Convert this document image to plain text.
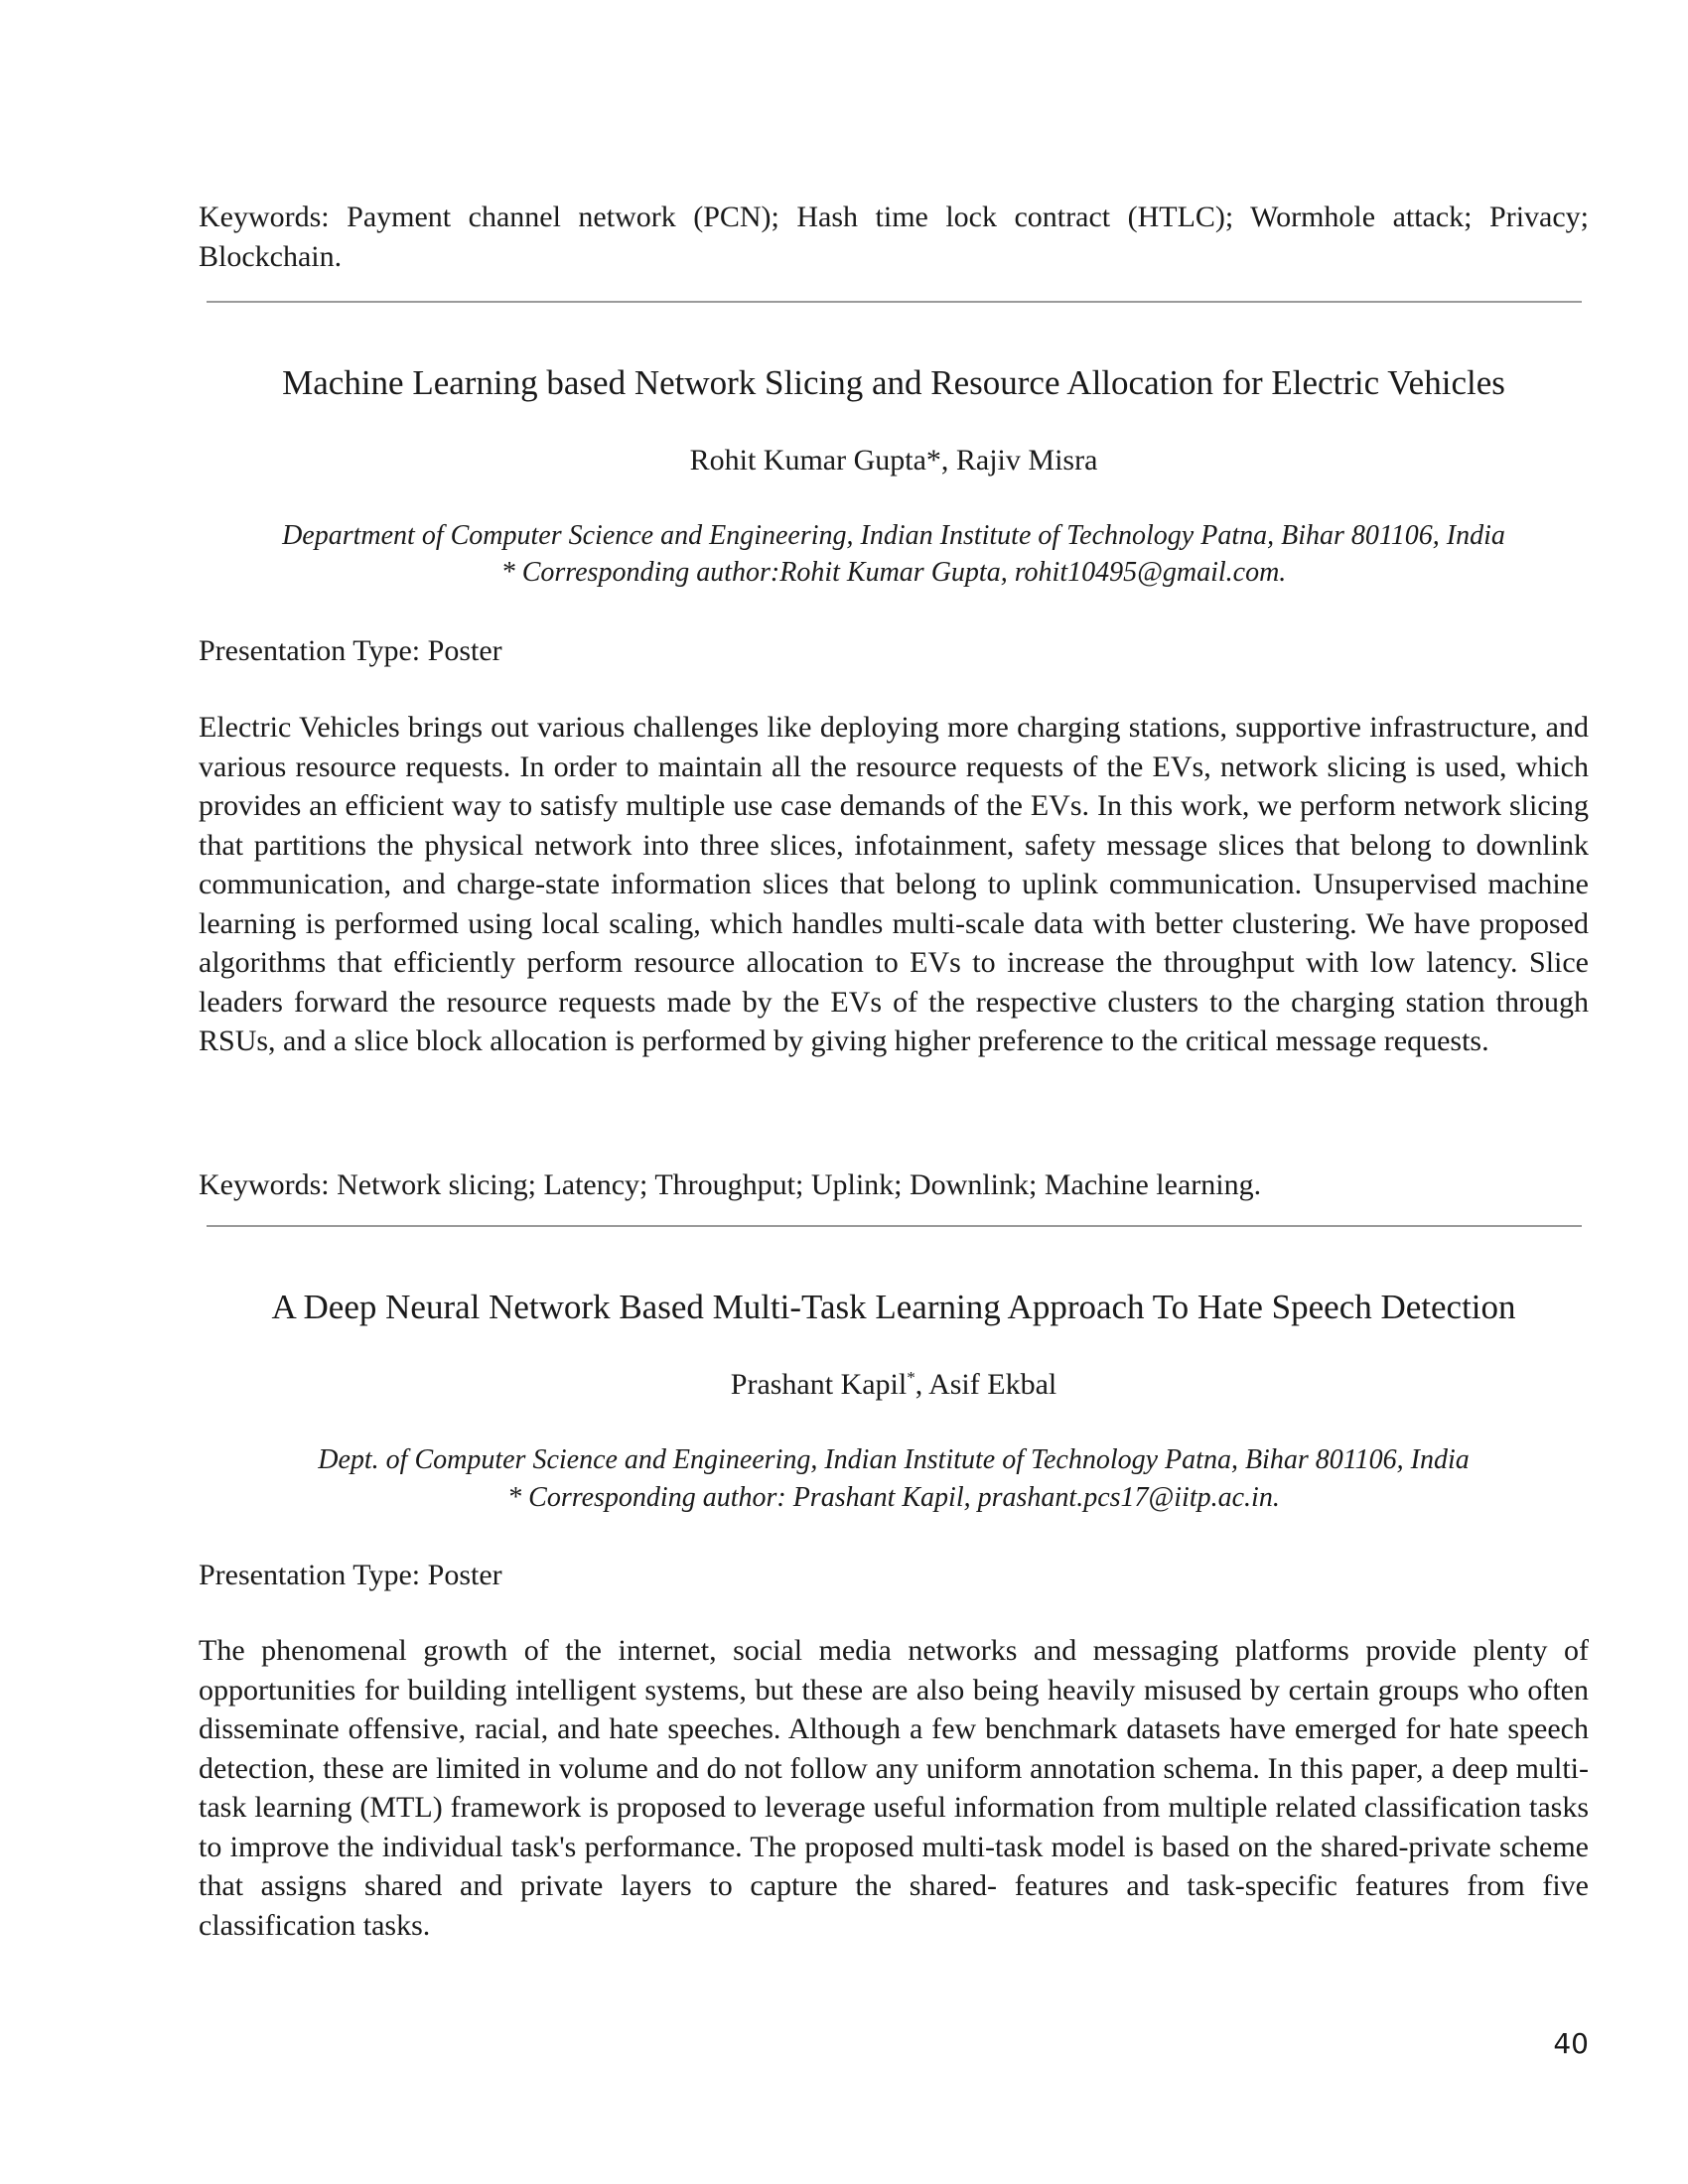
Keywords: Payment channel network (PCN); Hash time lock contract (HTLC); Wormhole attack; Privacy; Blockchain.

Machine Learning based Network Slicing and Resource Allocation for Electric Vehicles

Rohit Kumar Gupta*, Rajiv Misra

Department of Computer Science and Engineering, Indian Institute of Technology Patna, Bihar 801106, India

* Corresponding author:Rohit Kumar Gupta, rohit10495@gmail.com.

Presentation Type: Poster

Electric Vehicles brings out various challenges like deploying more charging stations, supportive infrastructure, and various resource requests. In order to maintain all the resource requests of the EVs, network slicing is used, which provides an efficient way to satisfy multiple use case demands of the EVs. In this work, we perform network slicing that partitions the physical network into three slices, infotainment, safety message slices that belong to downlink communication, and charge-state information slices that belong to uplink communication. Unsupervised machine learning is performed using local scaling, which handles multi-scale data with better clustering. We have proposed algorithms that efficiently perform resource allocation to EVs to increase the throughput with low latency. Slice leaders forward the resource requests made by the EVs of the respective clusters to the charging station through RSUs, and a slice block allocation is performed by giving higher preference to the critical message requests.

Keywords: Network slicing; Latency; Throughput; Uplink; Downlink; Machine learning.

A Deep Neural Network Based Multi-Task Learning Approach To Hate Speech Detection

Prashant Kapil*, Asif Ekbal

Dept. of Computer Science and Engineering, Indian Institute of Technology Patna, Bihar 801106, India

* Corresponding author: Prashant Kapil, prashant.pcs17@iitp.ac.in.

Presentation Type: Poster

The phenomenal growth of the internet, social media networks and messaging platforms provide plenty of opportunities for building intelligent systems, but these are also being heavily misused by certain groups who often disseminate offensive, racial, and hate speeches. Although a few benchmark datasets have emerged for hate speech detection, these are limited in volume and do not follow any uniform annotation schema. In this paper, a deep multi-task learning (MTL) framework is proposed to leverage useful information from multiple related classification tasks to improve the individual task's performance. The proposed multi-task model is based on the shared-private scheme that assigns shared and private layers to capture the shared- features and task-specific features from five classification tasks.

40
